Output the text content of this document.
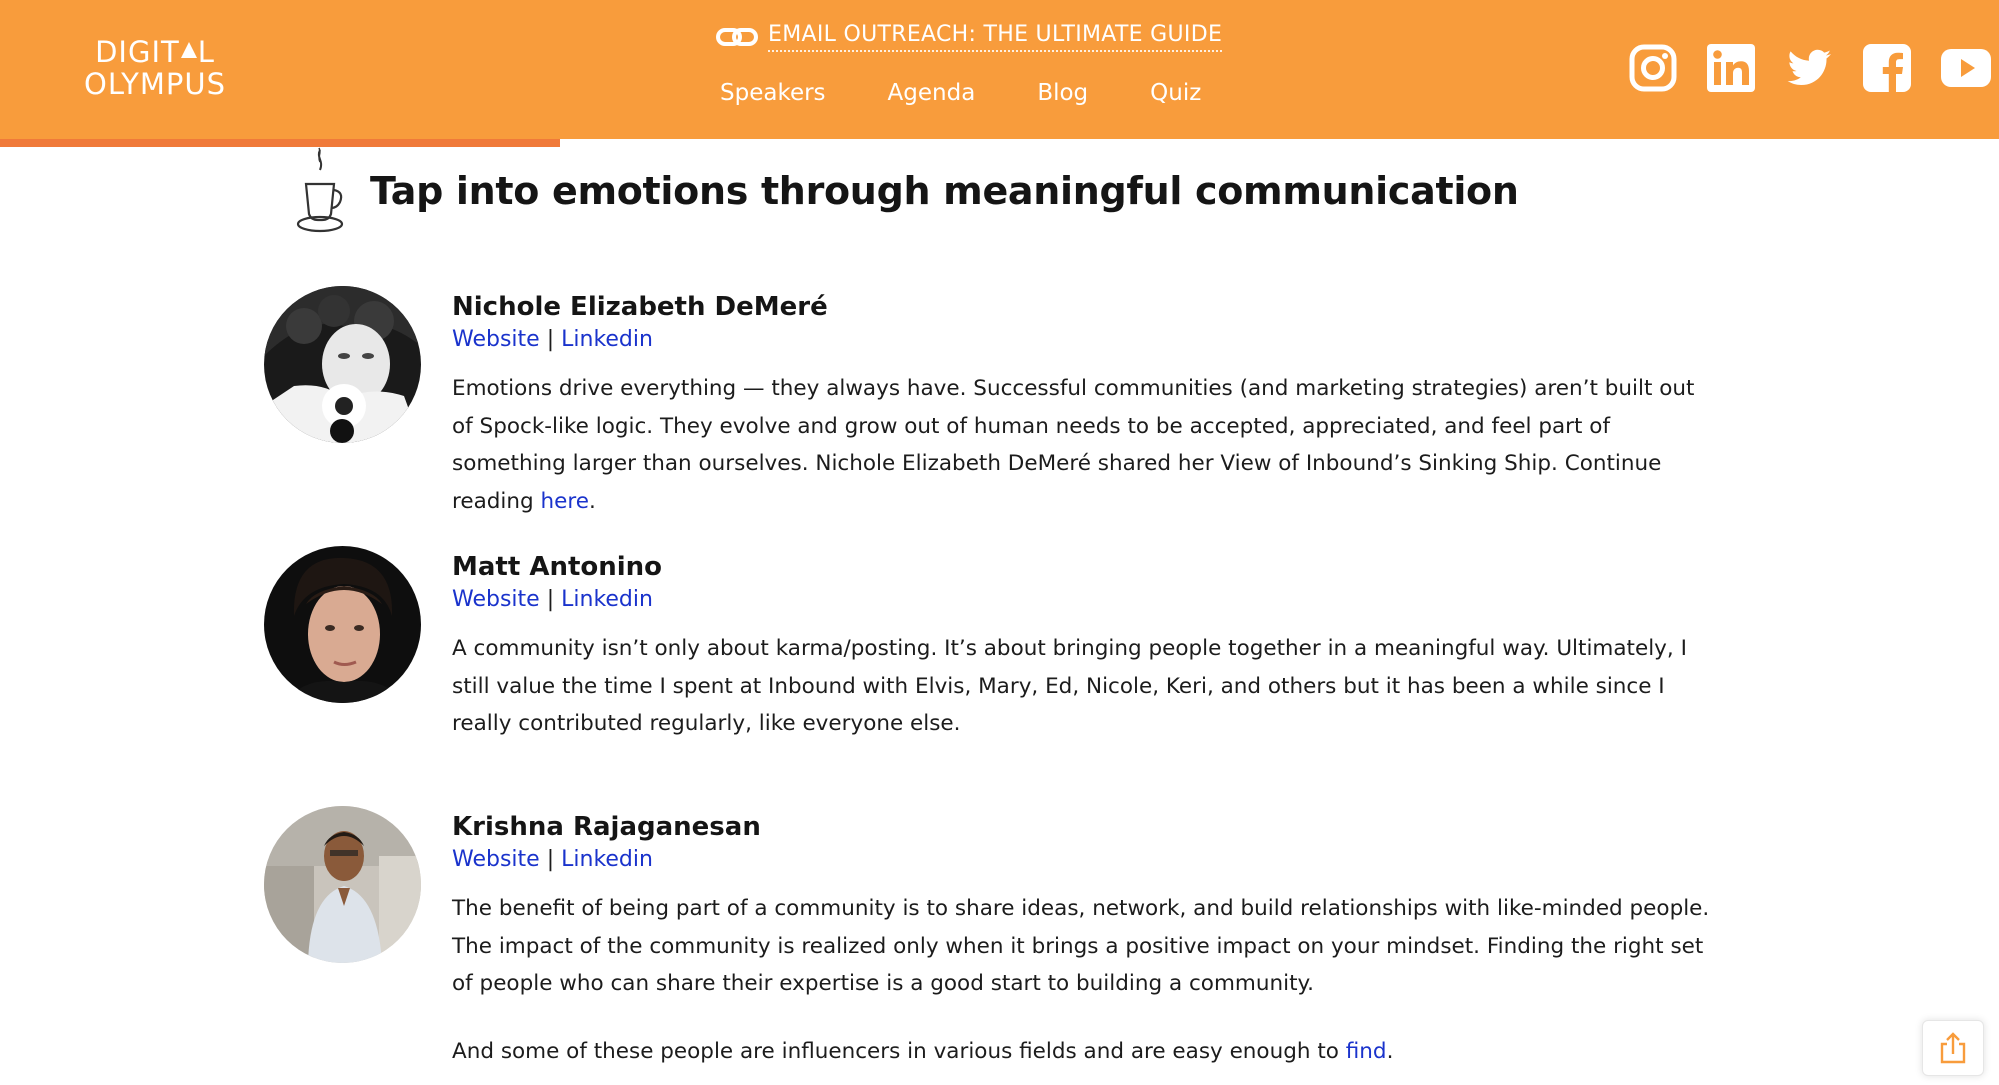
DIGIT L
OLYMPUS
EMAIL OUTREACH: THE ULTIMATE GUIDE
Speakers	Agenda	Blog	Quiz
Tap into emotions through meaningful communication
Nichole Elizabeth DeMeré
Website | Linkedin

Emotions drive everything — they always have. Successful communities (and marketing strategies) aren’t built out of Spock-like logic. They evolve and grow out of human needs to be accepted, appreciated, and feel part of something larger than ourselves. Nichole Elizabeth DeMeré shared her View of Inbound’s Sinking Ship. Continue reading here.

Matt Antonino
Website | Linkedin

A community isn’t only about karma/posting. It’s about bringing people together in a meaningful way. Ultimately, I still value the time I spent at Inbound with Elvis, Mary, Ed, Nicole, Keri, and others but it has been a while since I really contributed regularly, like everyone else.

Krishna Rajaganesan
Website | Linkedin

The benefit of being part of a community is to share ideas, network, and build relationships with like-minded people. The impact of the community is realized only when it brings a positive impact on your mindset. Finding the right set of people who can share their expertise is a good start to building a community.

And some of these people are influencers in various fields and are easy enough to find.
